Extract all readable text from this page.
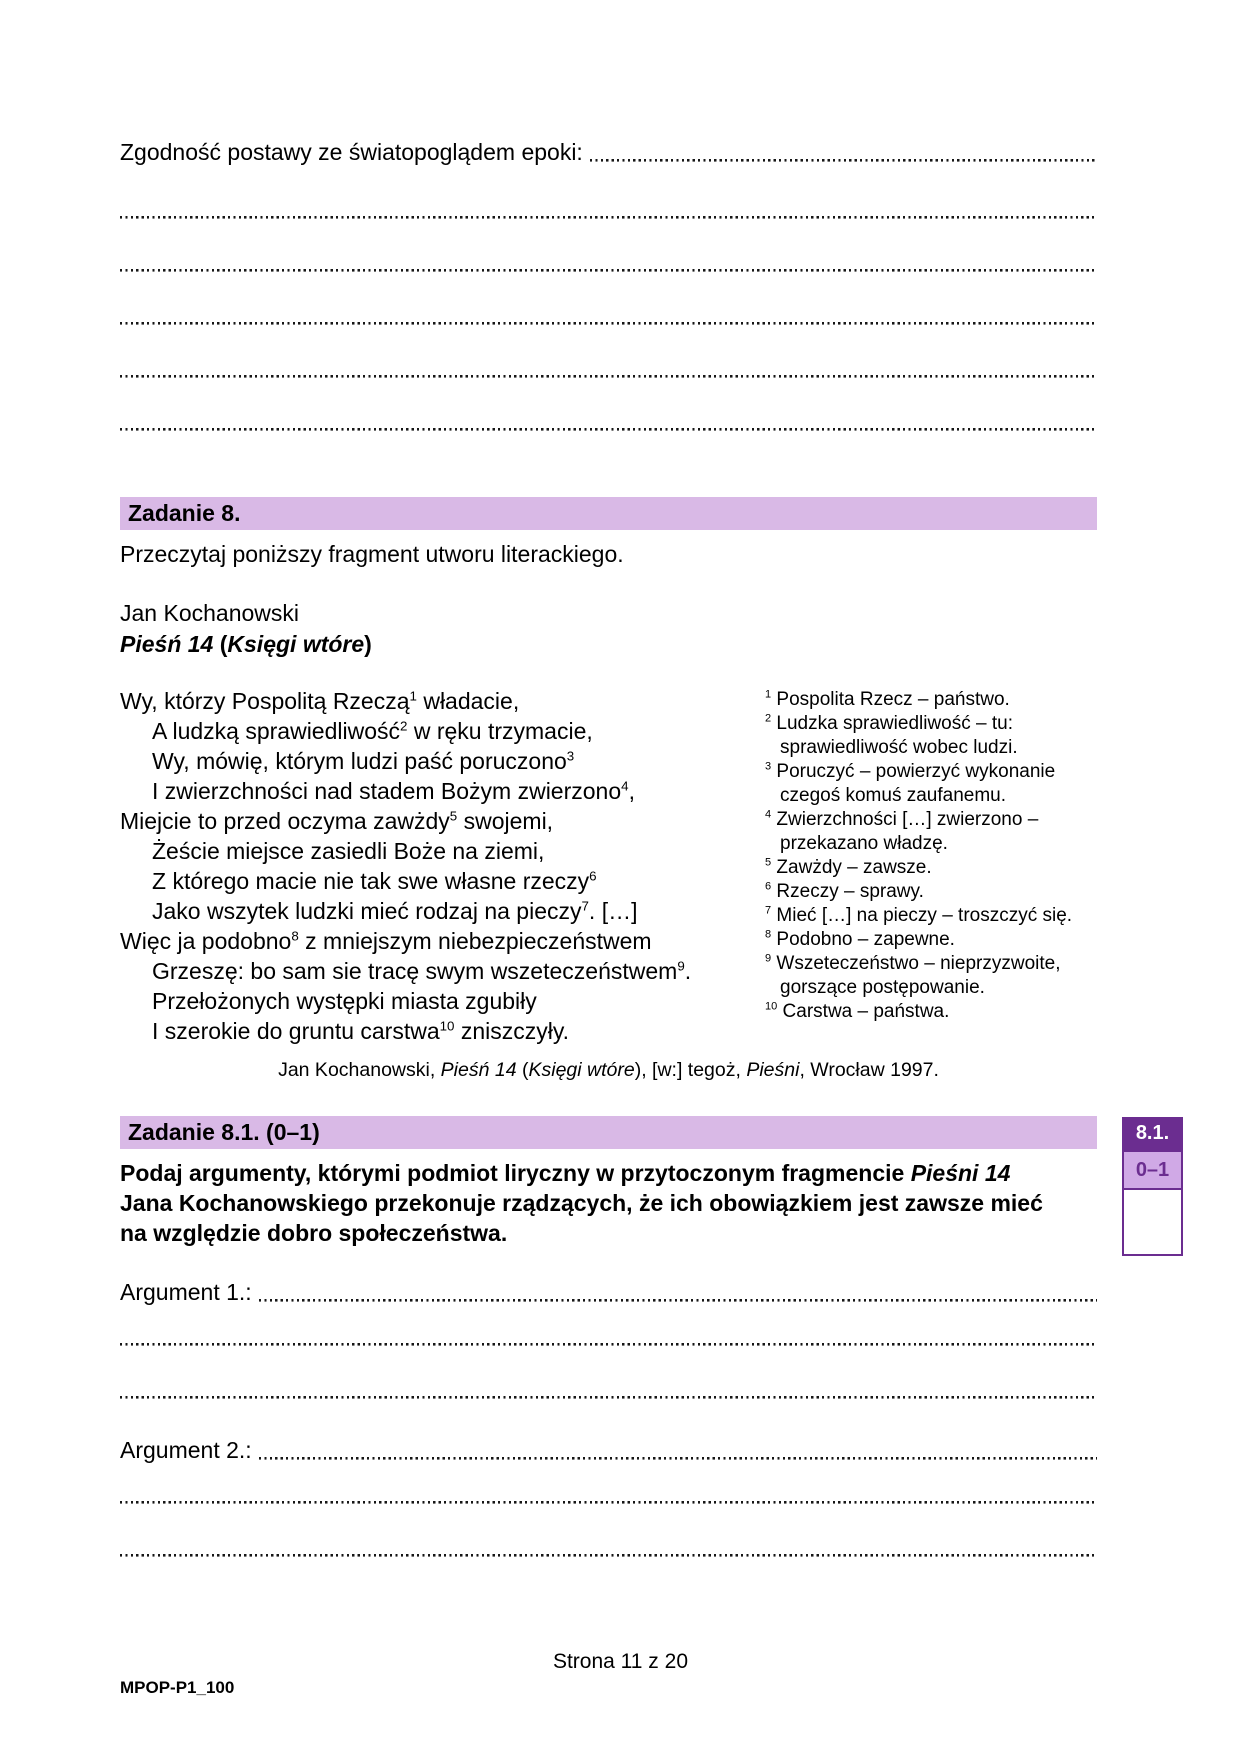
Zgodność postawy ze światopoglądem epoki:
Zadanie 8.
Przeczytaj poniższy fragment utworu literackiego.
Jan Kochanowski
Pieśń 14 (Księgi wtóre)
Wy, którzy Pospolitą Rzeczą$^1$ władacie,
A ludzką sprawiedliwość$^2$ w ręku trzymacie,
Wy, mówię, którym ludzi paść poruczono$^3$
I zwierzchności nad stadem Bożym zwierzono$^4$,
Miejcie to przed oczyma zawżdy$^5$ swojemi,
Żeście miejsce zasiedli Boże na ziemi,
Z którego macie nie tak swe własne rzeczy$^6$
Jako wszytek ludzki mieć rodzaj na pieczy$^7$. […]
Więc ja podobno$^8$ z mniejszym niebezpieczeństwem
Grzeszę: bo sam sie tracę swym wszeteczeństwem$^9$.
Przełożonych występki miasta zgubiły
I szerokie do gruntu carstwa$^{10}$ zniszczyły.
$^1$ Pospolita Rzecz – państwo.
$^2$ Ludzka sprawiedliwość – tu: sprawiedliwość wobec ludzi.
$^3$ Poruczyć – powierzyć wykonanie czegoś komuś zaufanemu.
$^4$ Zwierzchności […] zwierzono – przekazano władzę.
$^5$ Zawżdy – zawsze.
$^6$ Rzeczy – sprawy.
$^7$ Mieć […] na pieczy – troszczyć się.
$^8$ Podobno – zapewne.
$^9$ Wszeteczeństwo – nieprzyzwoite, gorszące postępowanie.
$^{10}$ Carstwa – państwa.
Jan Kochanowski, Pieśń 14 (Księgi wtóre), [w:] tegoż, Pieśni, Wrocław 1997.
Zadanie 8.1. (0–1)
Podaj argumenty, którymi podmiot liryczny w przytoczonym fragmencie Pieśni 14
Jana Kochanowskiego przekonuje rządzących, że ich obowiązkiem jest zawsze mieć
na względzie dobro społeczeństwa.
Argument 1.:
Argument 2.:
8.1.
0–1
Strona 11 z 20
MPOP-P1_100
